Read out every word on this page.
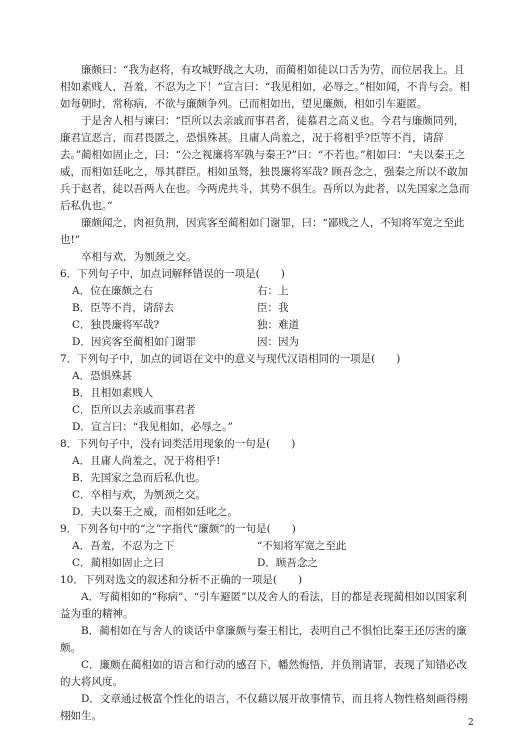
廉颇曰：“我为赵将，有攻城野战之大功，而蔺相如徒以口舌为劳，而位居我上。且相如素贱人，吾羞，不忍为之下！”宣言曰：“我见相如，必辱之。”相如闻，不肯与会。相如每朝时，常称病，不欲与廉颇争列。已而相如出，望见廉颇，相如引车避匿。

于是舍人相与谏曰：“臣所以去亲戚而事君者，徒慕君之高义也。今君与廉颇同列，廉君宣恶言，而君畏匿之，恐惧殊甚。且庸人尚羞之，况于将相乎?臣等不肖，请辞去。”蔺相如固止之，曰：“公之视廉将军孰与秦王?”曰：“不若也。”相如曰：“夫以秦王之威，而相如廷叱之，辱其群臣。相如虽驽，独畏廉将军哉? 顾吾念之，强秦之所以不敢加兵于赵者，徒以吾两人在也。今两虎共斗，其势不俱生。吾所以为此者，以先国家之急而后私仇也。”

廉颇闻之，肉袒负荆，因宾客至蔺相如门谢罪，曰：“鄙贱之人，不知将军宽之至此也!”

卒相与欢，为刎颈之交。

6．下列句子中，加点词解释错误的一项是(　　)

A．位在廉颇之右	右：上
B．臣等不肖，请辞去	臣：我
C．独畏廉将军哉?	独：难道
D．因宾客至蔺相如门谢罪	因：因为

7．下列句子中，加点的词语在文中的意义与现代汉语相同的一项是(　　)

A．恐惧殊甚

B．且相如素贱人

C．臣所以去亲戚而事君者

D．宣言曰：“我见相如，必辱之。”

8．下列句子中，没有词类活用现象的一句是(　　)

A．且庸人尚羞之，况于将相乎!

B．先国家之急而后私仇也。

C．卒相与欢，为刎颈之交。

D．夫以秦王之威，而相如廷叱之。

9．下列各句中的“之”字指代“廉颇”的一句是(　　)

A．吾羞，不忍为之下	“不知将军宽之至此
C．蔺相如固止之曰	D．顾吾念之

10．下列对选文的叙述和分析不正确的一项是(　　)

A．写蔺相如的“称病”、“引车避匿”以及舍人的看法，目的都是表现蔺相如以国家利益为重的精神。

B．蔺相如在与舍人的谈话中拿廉颇与秦王相比，表明自己不惧怕比秦王还厉害的廉颇。

C．廉颇在蔺相如的语言和行动的感召下，幡然悔悟，并负荆请罪，表现了知错必改的大将风度。

D．文章通过极富个性化的语言，不仅藉以展开故事情节，而且将人物性格刻画得栩栩如生。

2
